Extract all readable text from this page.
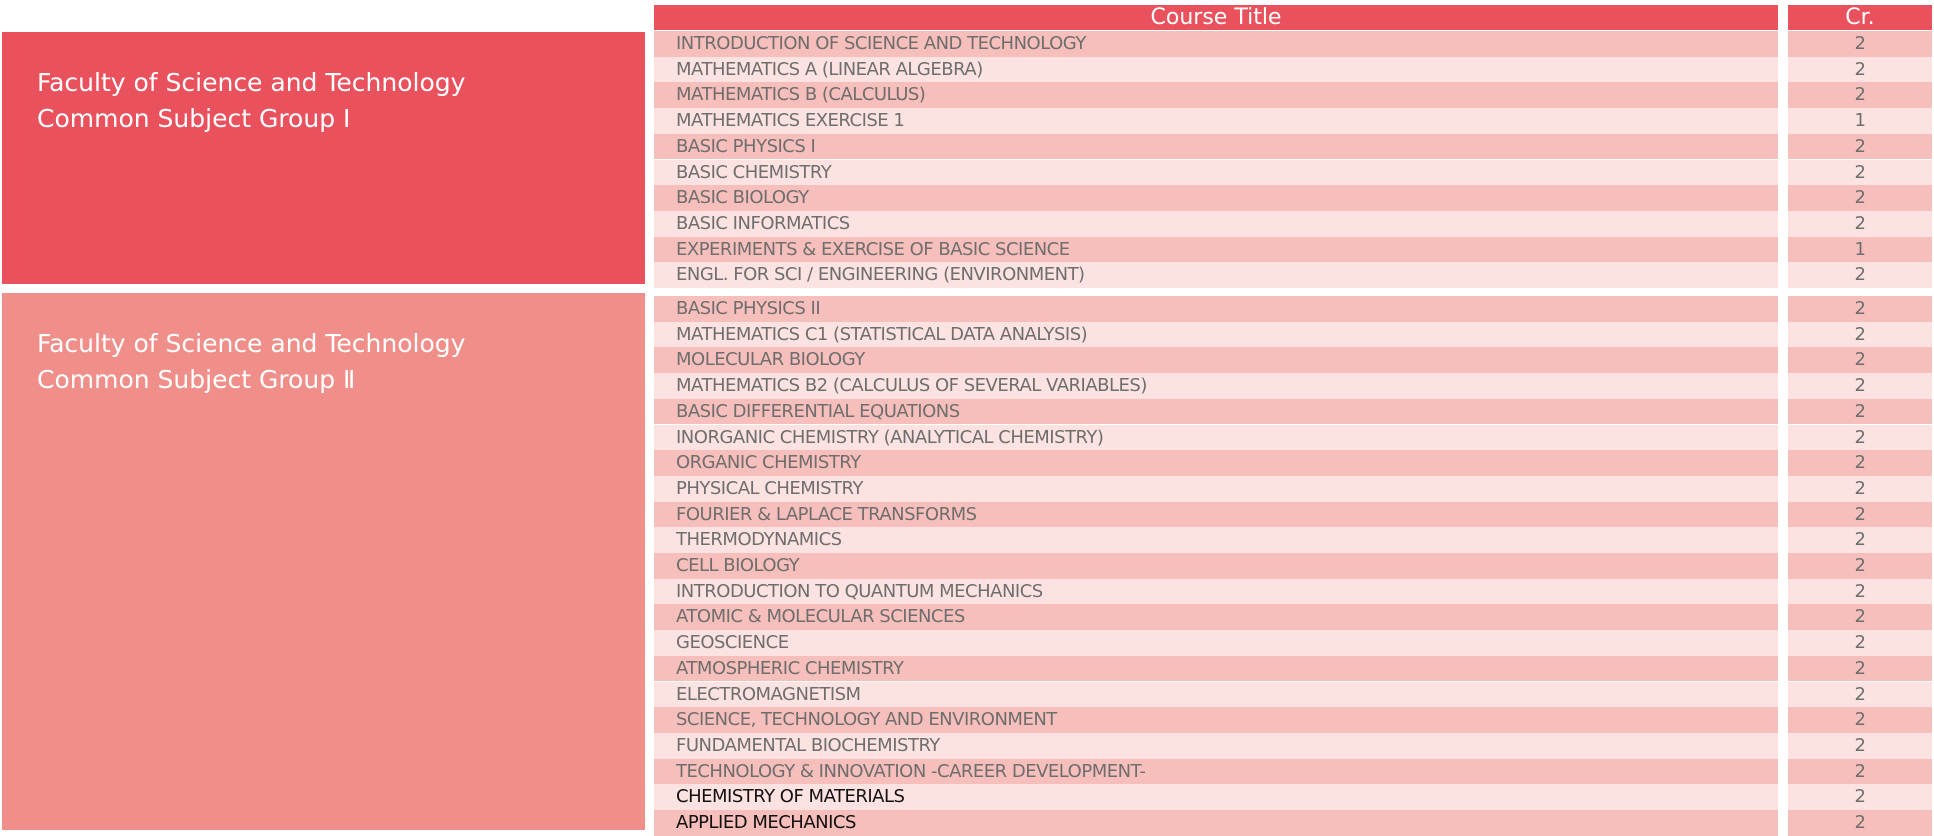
Faculty of Science and Technology
Common Subject Group Ⅰ
Faculty of Science and Technology
Common Subject Group Ⅱ
Course Title	Cr.
INTRODUCTION OF SCIENCE AND TECHNOLOGY	2
MATHEMATICS A (LINEAR ALGEBRA)	2
MATHEMATICS B (CALCULUS)	2
MATHEMATICS EXERCISE 1	1
BASIC PHYSICS I	2
BASIC CHEMISTRY	2
BASIC BIOLOGY	2
BASIC INFORMATICS	2
EXPERIMENTS & EXERCISE OF BASIC SCIENCE	1
ENGL. FOR SCI / ENGINEERING (ENVIRONMENT)	2
BASIC PHYSICS II	2
MATHEMATICS C1 (STATISTICAL DATA ANALYSIS)	2
MOLECULAR BIOLOGY	2
MATHEMATICS B2 (CALCULUS OF SEVERAL VARIABLES)	2
BASIC DIFFERENTIAL EQUATIONS	2
INORGANIC CHEMISTRY (ANALYTICAL CHEMISTRY)	2
ORGANIC CHEMISTRY	2
PHYSICAL CHEMISTRY	2
FOURIER & LAPLACE TRANSFORMS	2
THERMODYNAMICS	2
CELL BIOLOGY	2
INTRODUCTION TO QUANTUM MECHANICS	2
ATOMIC & MOLECULAR SCIENCES	2
GEOSCIENCE	2
ATMOSPHERIC CHEMISTRY	2
ELECTROMAGNETISM	2
SCIENCE, TECHNOLOGY AND ENVIRONMENT	2
FUNDAMENTAL BIOCHEMISTRY	2
TECHNOLOGY & INNOVATION -CAREER DEVELOPMENT-	2
CHEMISTRY OF MATERIALS	2
APPLIED MECHANICS	2
